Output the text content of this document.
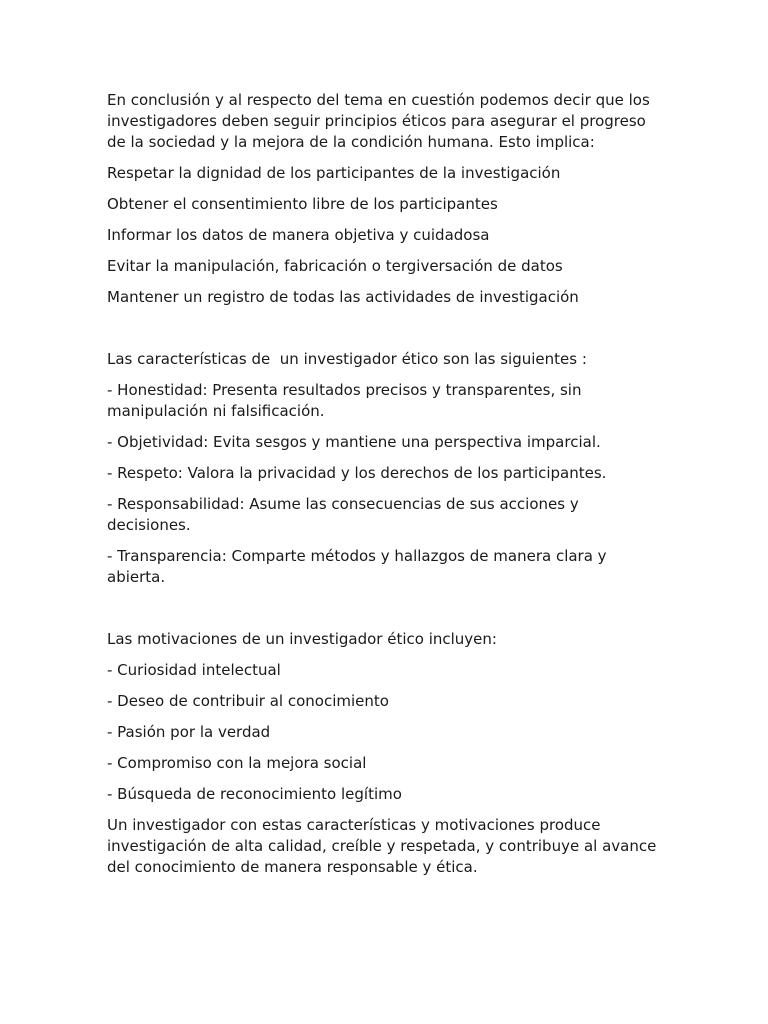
En conclusión y al respecto del tema en cuestión podemos decir que los investigadores deben seguir principios éticos para asegurar el progreso de la sociedad y la mejora de la condición humana. Esto implica:

Respetar la dignidad de los participantes de la investigación

Obtener el consentimiento libre de los participantes

Informar los datos de manera objetiva y cuidadosa

Evitar la manipulación, fabricación o tergiversación de datos

Mantener un registro de todas las actividades de investigación

Las características de  un investigador ético son las siguientes :

- Honestidad: Presenta resultados precisos y transparentes, sin manipulación ni falsificación.

- Objetividad: Evita sesgos y mantiene una perspectiva imparcial.

- Respeto: Valora la privacidad y los derechos de los participantes.

- Responsabilidad: Asume las consecuencias de sus acciones y decisiones.

- Transparencia: Comparte métodos y hallazgos de manera clara y abierta.

Las motivaciones de un investigador ético incluyen:

- Curiosidad intelectual

- Deseo de contribuir al conocimiento

- Pasión por la verdad

- Compromiso con la mejora social

- Búsqueda de reconocimiento legítimo

Un investigador con estas características y motivaciones produce investigación de alta calidad, creíble y respetada, y contribuye al avance del conocimiento de manera responsable y ética.
